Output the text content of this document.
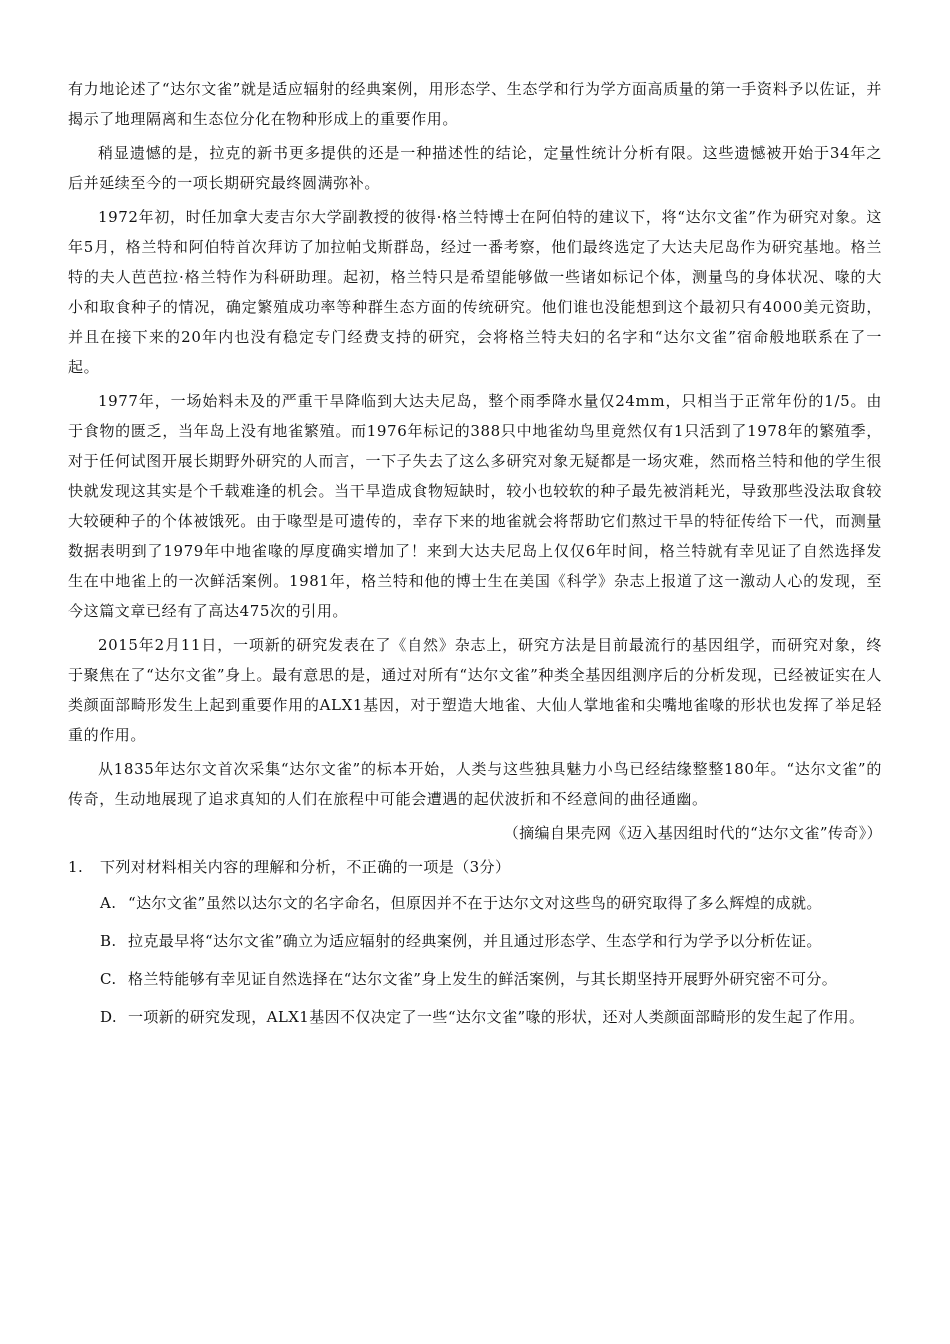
有力地论述了“达尔文雀”就是适应辐射的经典案例，用形态学、生态学和行为学方面高质量的第一手资料予以佐证，并揭示了地理隔离和生态位分化在物种形成上的重要作用。

稍显遗憾的是，拉克的新书更多提供的还是一种描述性的结论，定量性统计分析有限。这些遗憾被开始于34年之后并延续至今的一项长期研究最终圆满弥补。

1972年初，时任加拿大麦吉尔大学副教授的彼得·格兰特博士在阿伯特的建议下，将“达尔文雀”作为研究对象。这年5月，格兰特和阿伯特首次拜访了加拉帕戈斯群岛，经过一番考察，他们最终选定了大达夫尼岛作为研究基地。格兰特的夫人芭芭拉·格兰特作为科研助理。起初，格兰特只是希望能够做一些诸如标记个体，测量鸟的身体状况、喙的大小和取食种子的情况，确定繁殖成功率等种群生态方面的传统研究。他们谁也没能想到这个最初只有4000美元资助，并且在接下来的20年内也没有稳定专门经费支持的研究，会将格兰特夫妇的名字和“达尔文雀”宿命般地联系在了一起。

1977年，一场始料未及的严重干旱降临到大达夫尼岛，整个雨季降水量仅24mm，只相当于正常年份的1/5。由于食物的匮乏，当年岛上没有地雀繁殖。而1976年标记的388只中地雀幼鸟里竟然仅有1只活到了1978年的繁殖季，对于任何试图开展长期野外研究的人而言，一下子失去了这么多研究对象无疑都是一场灾难，然而格兰特和他的学生很快就发现这其实是个千载难逢的机会。当干旱造成食物短缺时，较小也较软的种子最先被消耗光，导致那些没法取食较大较硬种子的个体被饿死。由于喙型是可遗传的，幸存下来的地雀就会将帮助它们熬过干旱的特征传给下一代，而测量数据表明到了1979年中地雀喙的厚度确实增加了！来到大达夫尼岛上仅仅6年时间，格兰特就有幸见证了自然选择发生在中地雀上的一次鲜活案例。1981年，格兰特和他的博士生在美国《科学》杂志上报道了这一激动人心的发现，至今这篇文章已经有了高达475次的引用。

2015年2月11日，一项新的研究发表在了《自然》杂志上，研究方法是目前最流行的基因组学，而研究对象，终于聚焦在了“达尔文雀”身上。最有意思的是，通过对所有“达尔文雀”种类全基因组测序后的分析发现，已经被证实在人类颜面部畸形发生上起到重要作用的ALX1基因，对于塑造大地雀、大仙人掌地雀和尖嘴地雀喙的形状也发挥了举足轻重的作用。

从1835年达尔文首次采集“达尔文雀”的标本开始，人类与这些独具魅力小鸟已经结缘整整180年。“达尔文雀”的传奇，生动地展现了追求真知的人们在旅程中可能会遭遇的起伏波折和不经意间的曲径通幽。

（摘编自果壳网《迈入基因组时代的“达尔文雀”传奇》）

1. 下列对材料相关内容的理解和分析，不正确的一项是（3分）

A. “达尔文雀”虽然以达尔文的名字命名，但原因并不在于达尔文对这些鸟的研究取得了多么辉煌的成就。
B. 拉克最早将“达尔文雀”确立为适应辐射的经典案例，并且通过形态学、生态学和行为学予以分析佐证。
C. 格兰特能够有幸见证自然选择在“达尔文雀”身上发生的鲜活案例，与其长期坚持开展野外研究密不可分。
D. 一项新的研究发现，ALX1基因不仅决定了一些“达尔文雀”喙的形状，还对人类颜面部畸形的发生起了作用。
